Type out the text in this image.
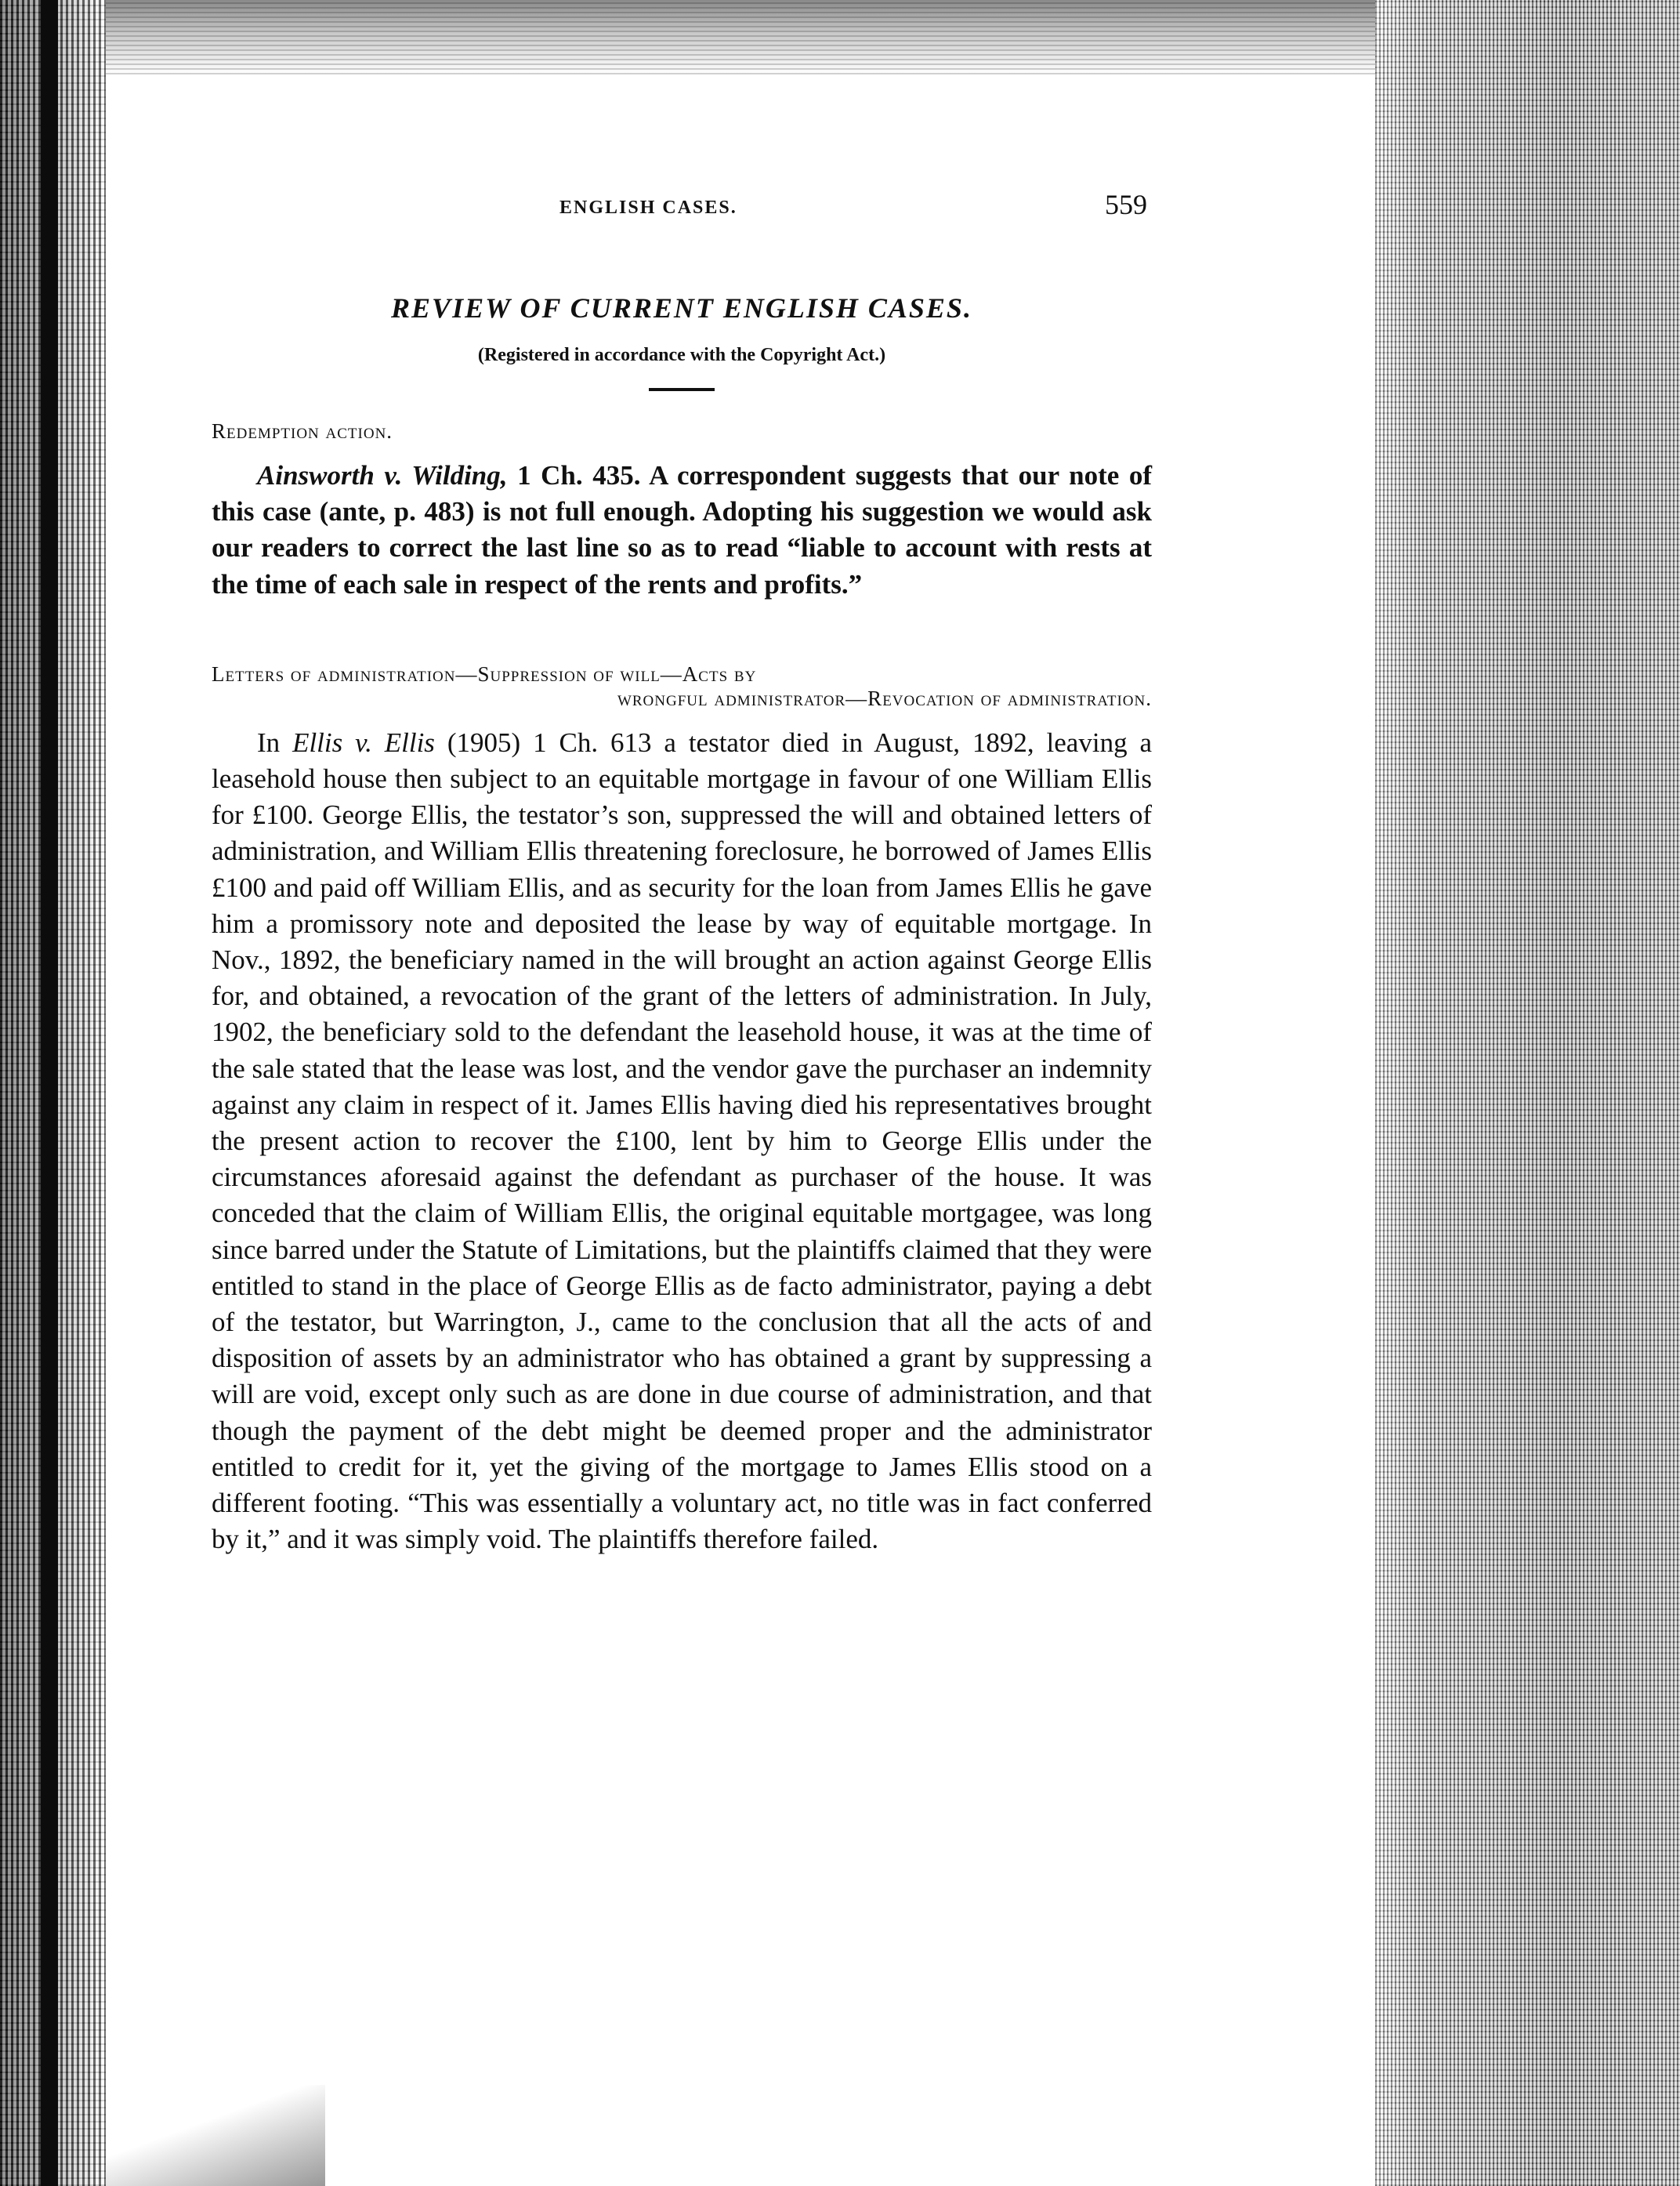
ENGLISH CASES.	559
REVIEW OF CURRENT ENGLISH CASES.
(Registered in accordance with the Copyright Act.)
Redemption action.

Ainsworth v. Wilding, 1 Ch. 435. A correspondent suggests that our note of this case (ante, p. 483) is not full enough. Adopting his suggestion we would ask our readers to correct the last line so as to read “liable to account with rests at the time of each sale in respect of the rents and profits.”

Letters of administration—Suppression of will—Acts by
wrongful administrator—Revocation of administration.

In Ellis v. Ellis (1905) 1 Ch. 613 a testator died in August, 1892, leaving a leasehold house then subject to an equitable mortgage in favour of one William Ellis for £100. George Ellis, the testator’s son, suppressed the will and obtained letters of administration, and William Ellis threatening foreclosure, he borrowed of James Ellis £100 and paid off William Ellis, and as security for the loan from James Ellis he gave him a promissory note and deposited the lease by way of equitable mortgage. In Nov., 1892, the beneficiary named in the will brought an action against George Ellis for, and obtained, a revocation of the grant of the letters of administration. In July, 1902, the beneficiary sold to the defendant the leasehold house, it was at the time of the sale stated that the lease was lost, and the vendor gave the purchaser an indemnity against any claim in respect of it. James Ellis having died his representatives brought the present action to recover the £100, lent by him to George Ellis under the circumstances aforesaid against the defendant as purchaser of the house. It was conceded that the claim of William Ellis, the original equitable mortgagee, was long since barred under the Statute of Limitations, but the plaintiffs claimed that they were entitled to stand in the place of George Ellis as de facto administrator, paying a debt of the testator, but Warrington, J., came to the conclusion that all the acts of and disposition of assets by an administrator who has obtained a grant by suppressing a will are void, except only such as are done in due course of administration, and that though the payment of the debt might be deemed proper and the administrator entitled to credit for it, yet the giving of the mortgage to James Ellis stood on a different footing. “This was essentially a voluntary act, no title was in fact conferred by it,” and it was simply void. The plaintiffs therefore failed.
